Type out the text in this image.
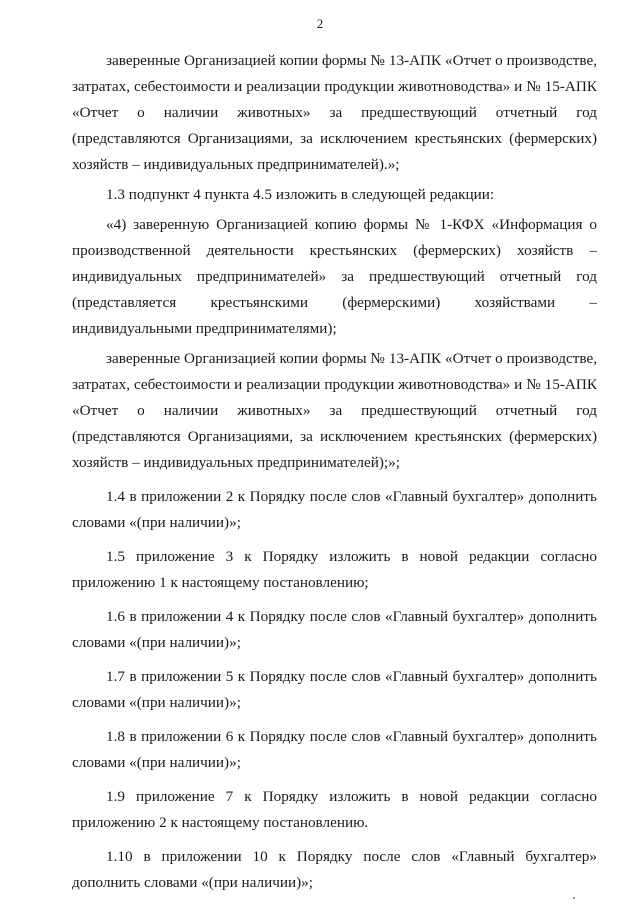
2

заверенные Организацией копии формы № 13-АПК «Отчет о производстве, затратах, себестоимости и реализации продукции животноводства» и № 15-АПК «Отчет о наличии животных» за предшествующий отчетный год (представляются Организациями, за исключением крестьянских (фермерских) хозяйств – индивидуальных предпринимателей).»;

1.3 подпункт 4 пункта 4.5 изложить в следующей редакции:

«4) заверенную Организацией копию формы № 1-КФХ «Информация о производственной деятельности крестьянских (фермерских) хозяйств – индивидуальных предпринимателей» за предшествующий отчетный год (представляется крестьянскими (фермерскими) хозяйствами – индивидуальными предпринимателями);

заверенные Организацией копии формы № 13-АПК «Отчет о производстве, затратах, себестоимости и реализации продукции животноводства» и № 15-АПК «Отчет о наличии животных» за предшествующий отчетный год (представляются Организациями, за исключением крестьянских (фермерских) хозяйств – индивидуальных предпринимателей);»;

1.4 в приложении 2 к Порядку после слов «Главный бухгалтер» дополнить словами «(при наличии)»;

1.5 приложение 3 к Порядку изложить в новой редакции согласно приложению 1 к настоящему постановлению;

1.6 в приложении 4 к Порядку после слов «Главный бухгалтер» дополнить словами «(при наличии)»;

1.7 в приложении 5 к Порядку после слов «Главный бухгалтер» дополнить словами «(при наличии)»;

1.8 в приложении 6 к Порядку после слов «Главный бухгалтер» дополнить словами «(при наличии)»;

1.9 приложение 7 к Порядку изложить в новой редакции согласно приложению 2 к настоящему постановлению.

1.10 в приложении 10 к Порядку после слов «Главный бухгалтер» дополнить словами «(при наличии)»;
